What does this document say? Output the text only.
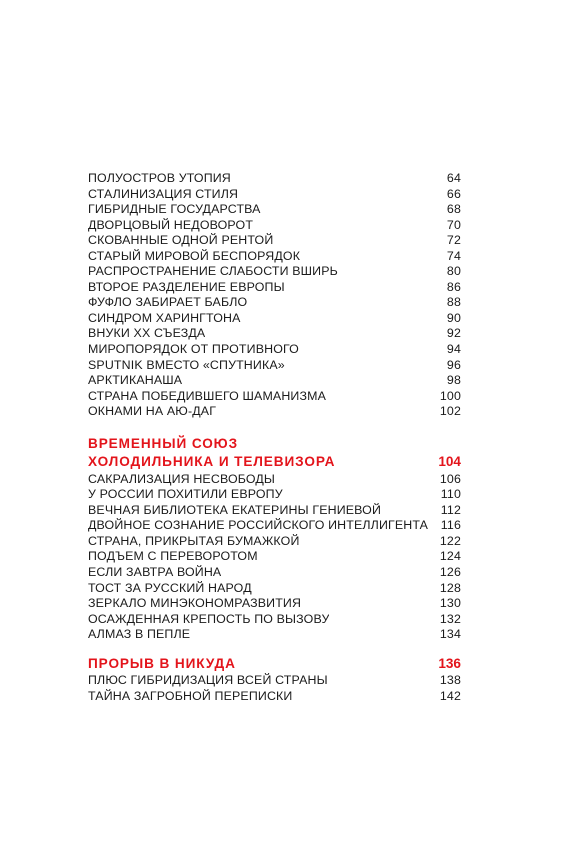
ПОЛУОСТРОВ УТОПИЯ	64
СТАЛИНИЗАЦИЯ СТИЛЯ	66
ГИБРИДНЫЕ ГОСУДАРСТВА	68
ДВОРЦОВЫЙ НЕДОВОРОТ	70
СКОВАННЫЕ ОДНОЙ РЕНТОЙ	72
СТАРЫЙ МИРОВОЙ БЕСПОРЯДОК	74
РАСПРОСТРАНЕНИЕ СЛАБОСТИ ВШИРЬ	80
ВТОРОЕ РАЗДЕЛЕНИЕ ЕВРОПЫ	86
ФУФЛО ЗАБИРАЕТ БАБЛО	88
СИНДРОМ ХАРИНГТОНА	90
ВНУКИ XX СЪЕЗДА	92
МИРОПОРЯДОК ОТ ПРОТИВНОГО	94
SPUTNIK ВМЕСТО «СПУТНИКА»	96
АРКТИКАНАША	98
СТРАНА ПОБЕДИВШЕГО ШАМАНИЗМА	100
ОКНАМИ НА АЮ-ДАГ	102
ВРЕМЕННЫЙ СОЮЗ
ХОЛОДИЛЬНИКА И ТЕЛЕВИЗОРА	104
САКРАЛИЗАЦИЯ НЕСВОБОДЫ	106
У РОССИИ ПОХИТИЛИ ЕВРОПУ	110
ВЕЧНАЯ БИБЛИОТЕКА ЕКАТЕРИНЫ ГЕНИЕВОЙ	112
ДВОЙНОЕ СОЗНАНИЕ РОССИЙСКОГО ИНТЕЛЛИГЕНТА	116
СТРАНА, ПРИКРЫТАЯ БУМАЖКОЙ	122
ПОДЪЕМ С ПЕРЕВОРОТОМ	124
ЕСЛИ ЗАВТРА ВОЙНА	126
ТОСТ ЗА РУССКИЙ НАРОД	128
ЗЕРКАЛО МИНЭКОНОМРАЗВИТИЯ	130
ОСАЖДЕННАЯ КРЕПОСТЬ ПО ВЫЗОВУ	132
АЛМАЗ В ПЕПЛЕ	134
ПРОРЫВ В НИКУДА	136
ПЛЮС ГИБРИДИЗАЦИЯ ВСЕЙ СТРАНЫ	138
ТАЙНА ЗАГРОБНОЙ ПЕРЕПИСКИ	142
